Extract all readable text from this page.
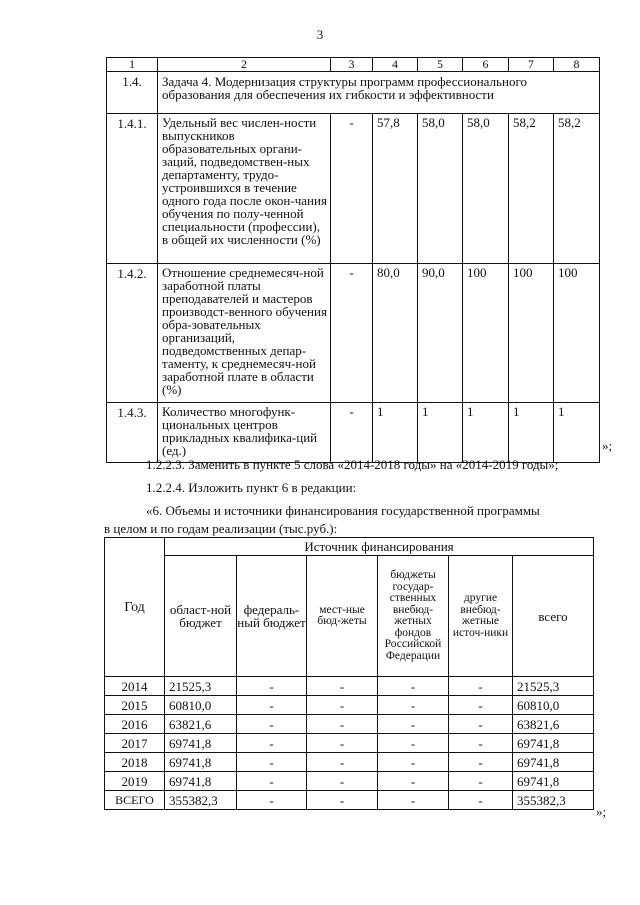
3
1	2	3	4	5	6	7	8
1.4.	Задача 4. Модернизация структуры программ профессионального образования для обеспечения их гибкости и эффективности						
1.4.1.	Удельный вес числен-ности выпускников образовательных органи-заций, подведомствен-ных департаменту, трудо-устроившихся в течение одного года после окон-чания обучения по полу-ченной специальности (профессии), в общей их численности (%)	-	57,8	58,0	58,0	58,2	58,2
1.4.2.	Отношение среднемесяч-ной заработной платы преподавателей и мастеров производст-венного обучения обра-зовательных организаций, подведомственных депар-таменту, к среднемесяч-ной заработной плате в области (%)	-	80,0	90,0	100	100	100
1.4.3.	Количество многофунк-циональных центров прикладных квалифика-ций (ед.)	-	1	1	1	1	1
»;
1.2.2.3. Заменить в пункте 5 слова «2014-2018 годы» на «2014-2019 годы»;
1.2.2.4. Изложить пункт 6 в редакции:
«6. Объемы и источники финансирования государственной программы
в целом и по годам реализации (тыс.руб.):
Год	Источник финансирования					
	област-ной бюджет	федераль-ный бюджет	мест-ные бюд-жеты	бюджеты государ-ственных внебюд-жетных фондов Российской Федерации	другие внебюд-жетные источ-ники	всего
2014	21525,3	-	-	-	-	21525,3
2015	60810,0	-	-	-	-	60810,0
2016	63821,6	-	-	-	-	63821,6
2017	69741,8	-	-	-	-	69741,8
2018	69741,8	-	-	-	-	69741,8
2019	69741,8	-	-	-	-	69741,8
ВСЕГО	355382,3	-	-	-	-	355382,3
»;
